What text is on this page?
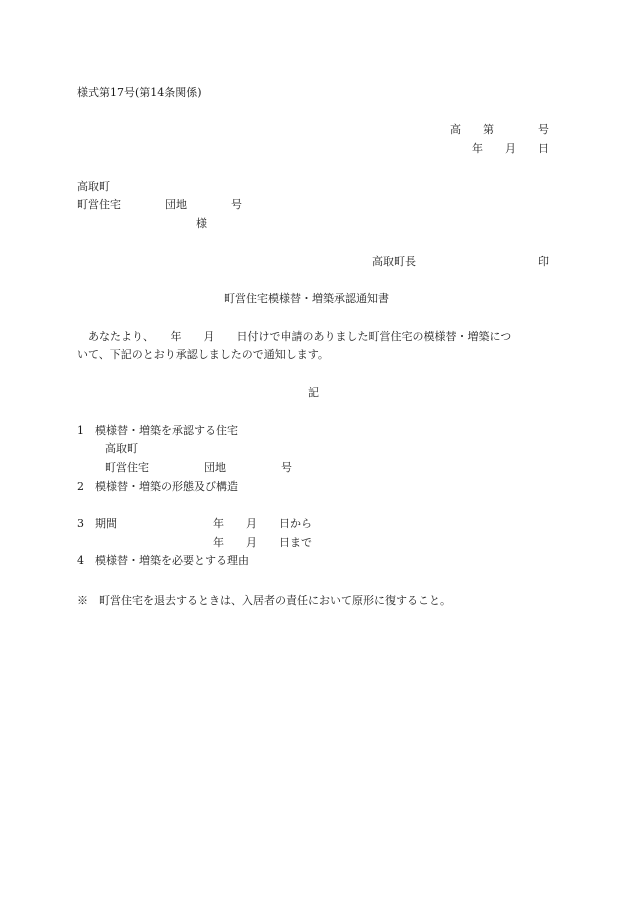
様式第17号(第14条関係)
高　　第　　　　号
年　　月　　日
高取町
町営住宅　　　　団地　　　　号
様
高取町長	印
町営住宅模様替・増築承認通知書
あなたより、　　年　　月　　日付けで申請のありました町営住宅の模様替・増築につ
いて、下記のとおり承認しましたので通知します。
記
1　模様替・増築を承認する住宅
高取町
町営住宅　　　　　団地　　　　　号
2　模様替・増築の形態及び構造
3　期間	年　　月　　日から
年　　月　　日まで
4　模様替・増築を必要とする理由
※　町営住宅を退去するときは、入居者の責任において原形に復すること。
